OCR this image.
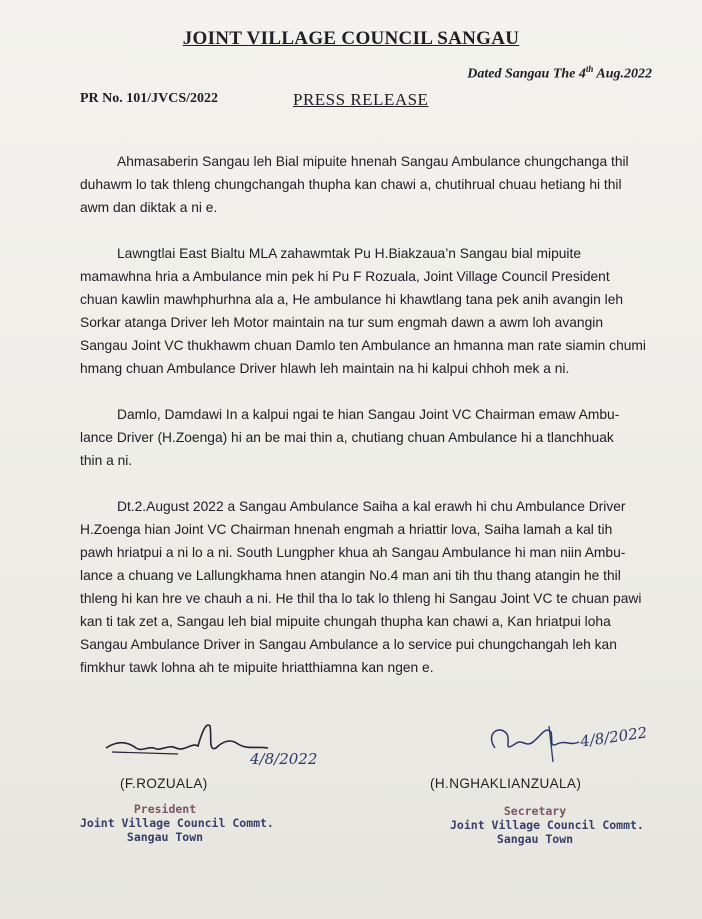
JOINT VILLAGE COUNCIL SANGAU
Dated Sangau The 4th Aug.2022
PR No. 101/JVCS/2022	PRESS RELEASE

Ahmasaberin Sangau leh Bial mipuite hnenah Sangau Ambulance chungchanga thil
duhawm lo tak thleng chungchangah thupha kan chawi a, chutihrual chuau hetiang hi thil
awm dan diktak a ni e.

Lawngtlai East Bialtu MLA zahawmtak Pu H.Biakzaua’n Sangau bial mipuite
mamawhna hria a Ambulance min pek hi Pu F Rozuala, Joint Village Council President
chuan kawlin mawhphurhna ala a, He ambulance hi khawtlang tana pek anih avangin leh
Sorkar atanga Driver leh Motor maintain na tur sum engmah dawn a awm loh avangin
Sangau Joint VC thukhawm chuan Damlo ten Ambulance an hmanna man rate siamin chumi
hmang chuan Ambulance Driver hlawh leh maintain na hi kalpui chhoh mek a ni.

Damlo, Damdawi In a kalpui ngai te hian Sangau Joint VC Chairman emaw Ambu-
lance Driver (H.Zoenga) hi an be mai thin a, chutiang chuan Ambulance hi a tlanchhuak
thin a ni.

Dt.2.August 2022 a Sangau Ambulance Saiha a kal erawh hi chu Ambulance Driver
H.Zoenga hian Joint VC Chairman hnenah engmah a hriattir lova, Saiha lamah a kal tih
pawh hriatpui a ni lo a ni. South Lungpher khua ah Sangau Ambulance hi man niin Ambu-
lance a chuang ve Lallungkhama hnen atangin No.4 man ani tih thu thang atangin he thil
thleng hi kan hre ve chauh a ni. He thil tha lo tak lo thleng hi Sangau Joint VC te chuan pawi
kan ti tak zet a, Sangau leh bial mipuite chungah thupha kan chawi a, Kan hriatpui loha
Sangau Ambulance Driver in Sangau Ambulance a lo service pui chungchangah leh kan
fimkhur tawk lohna ah te mipuite hriatthiamna kan ngen e.

4/8/2022
(F.ROZUALA)
President
Joint Village Council Commt.
Sangau Town
4/8/2022
(H.NGHAKLIANZUALA)
Secretary
Joint Village Council Commt.
Sangau Town
